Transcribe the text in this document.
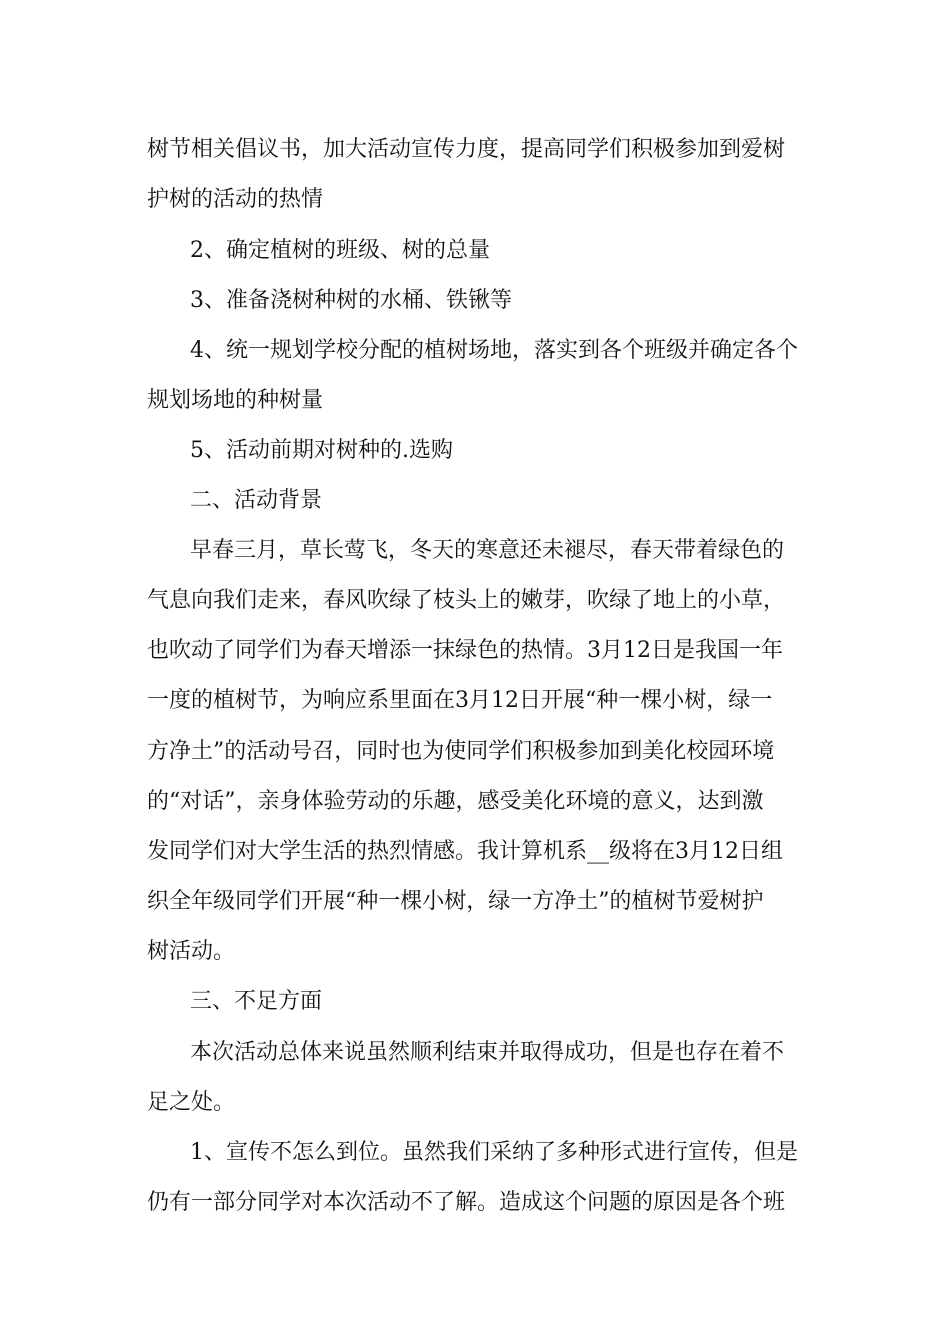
树节相关倡议书，加大活动宣传力度，提高同学们积极参加到爱树
护树的活动的热情
2、确定植树的班级、树的总量
3、准备浇树种树的水桶、铁锹等
4、统一规划学校分配的植树场地，落实到各个班级并确定各个
规划场地的种树量
5、活动前期对树种的.选购
二、活动背景
早春三月，草长莺飞，冬天的寒意还未褪尽，春天带着绿色的
气息向我们走来，春风吹绿了枝头上的嫩芽，吹绿了地上的小草，
也吹动了同学们为春天增添一抹绿色的热情。3月12日是我国一年
一度的植树节，为响应系里面在3月12日开展“种一棵小树，绿一
方净土”的活动号召，同时也为使同学们积极参加到美化校园环境
的“对话”，亲身体验劳动的乐趣，感受美化环境的意义，达到激
发同学们对大学生活的热烈情感。我计算机系__级将在3月12日组
织全年级同学们开展“种一棵小树，绿一方净土”的植树节爱树护
树活动。
三、不足方面
本次活动总体来说虽然顺利结束并取得成功，但是也存在着不
足之处。
1、宣传不怎么到位。虽然我们采纳了多种形式进行宣传，但是
仍有一部分同学对本次活动不了解。造成这个问题的原因是各个班
